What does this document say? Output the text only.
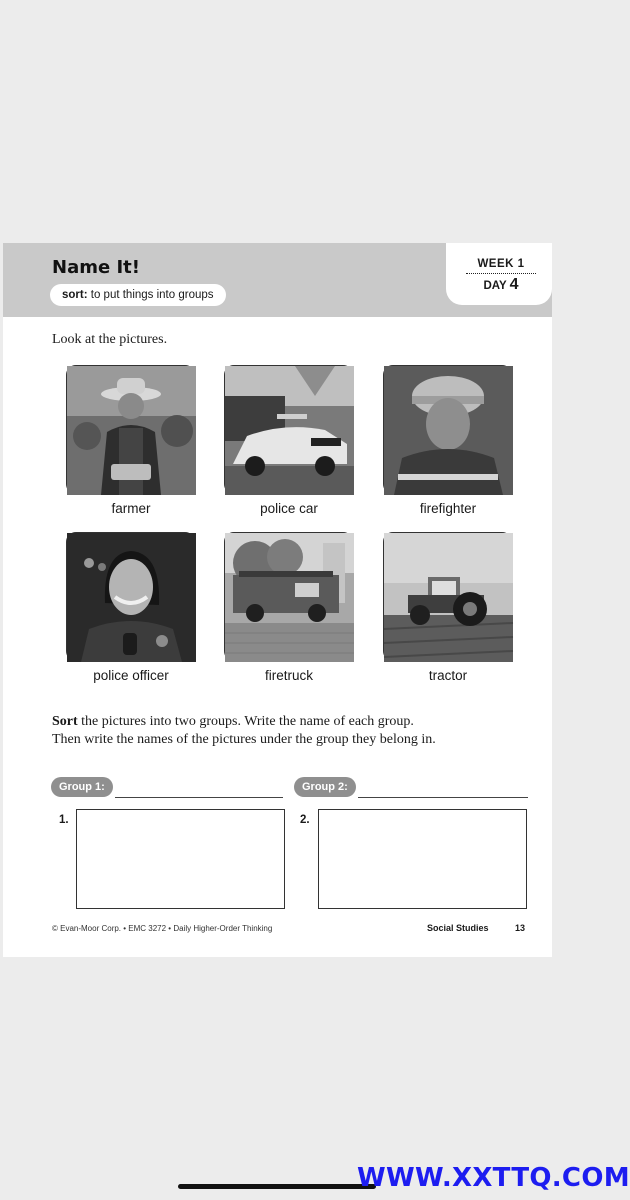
Name It!
sort: to put things into groups
WEEK 1
DAY 4
Look at the pictures.
farmer	police car	firefighter
police officer	firetruck	tractor
Sort the pictures into two groups. Write the name of each group.
Then write the names of the pictures under the group they belong in.
Group 1:	Group 2:
1.	2.
© Evan-Moor Corp. • EMC 3272 • Daily Higher-Order Thinking	Social Studies	13
WWW.XXTTQ.COM
